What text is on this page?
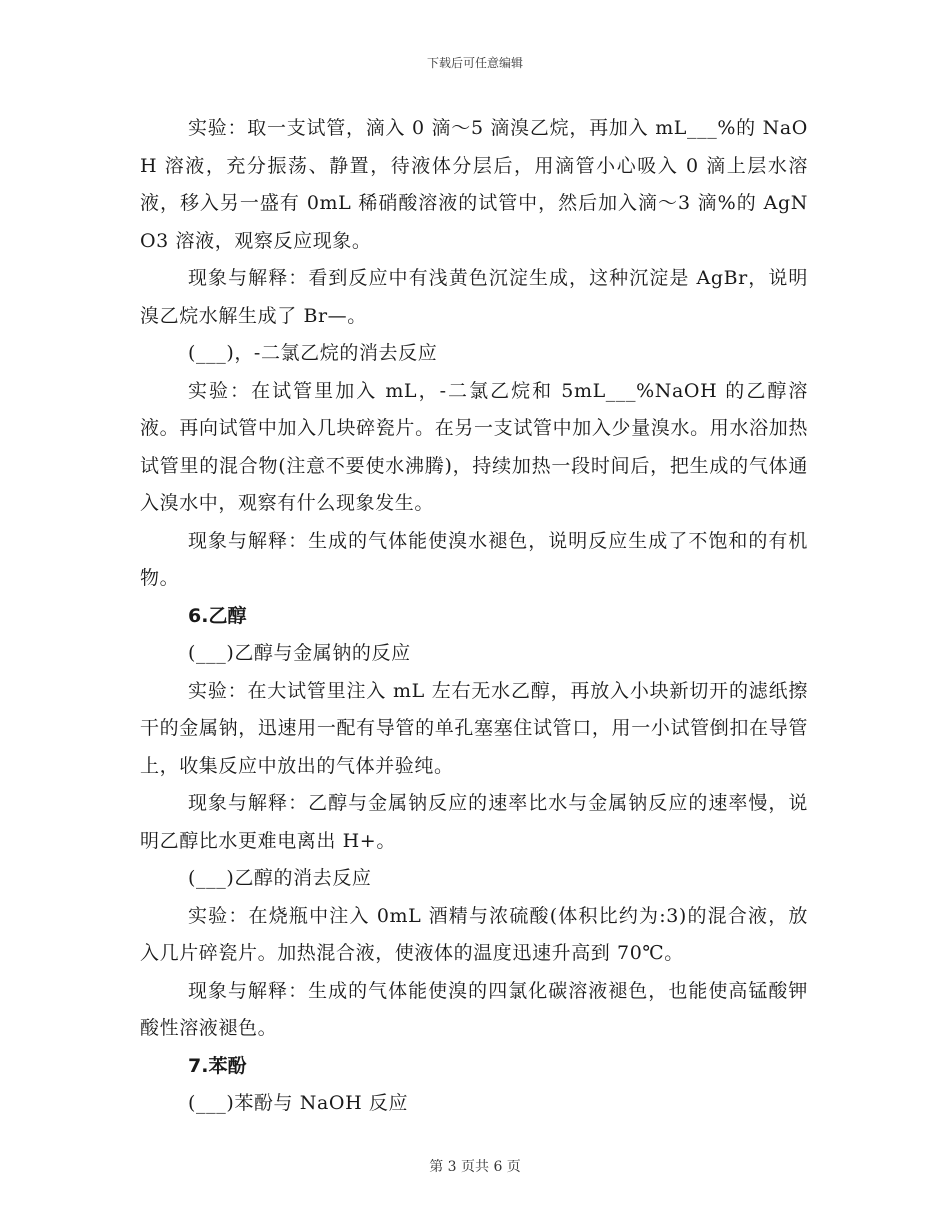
下载后可任意编辑

实验：取一支试管，滴入 0 滴～5 滴溴乙烷，再加入 mL___%的 NaOH 溶液，充分振荡、静置，待液体分层后，用滴管小心吸入 0 滴上层水溶液，移入另一盛有 0mL 稀硝酸溶液的试管中，然后加入滴～3 滴%的 AgNO3 溶液，观察反应现象。

现象与解释：看到反应中有浅黄色沉淀生成，这种沉淀是 AgBr，说明溴乙烷水解生成了 Br—。

(___)，-二氯乙烷的消去反应

实验：在试管里加入 mL，-二氯乙烷和 5mL___%NaOH 的乙醇溶液。再向试管中加入几块碎瓷片。在另一支试管中加入少量溴水。用水浴加热试管里的混合物(注意不要使水沸腾)，持续加热一段时间后，把生成的气体通入溴水中，观察有什么现象发生。

现象与解释：生成的气体能使溴水褪色，说明反应生成了不饱和的有机物。

6.乙醇

(___)乙醇与金属钠的反应

实验：在大试管里注入 mL 左右无水乙醇，再放入小块新切开的滤纸擦干的金属钠，迅速用一配有导管的单孔塞塞住试管口，用一小试管倒扣在导管上，收集反应中放出的气体并验纯。

现象与解释：乙醇与金属钠反应的速率比水与金属钠反应的速率慢，说明乙醇比水更难电离出 H+。

(___)乙醇的消去反应

实验：在烧瓶中注入 0mL 酒精与浓硫酸(体积比约为:3)的混合液，放入几片碎瓷片。加热混合液，使液体的温度迅速升高到 70℃。

现象与解释：生成的气体能使溴的四氯化碳溶液褪色，也能使高锰酸钾酸性溶液褪色。

7.苯酚

(___)苯酚与 NaOH 反应

第 3 页共 6 页
